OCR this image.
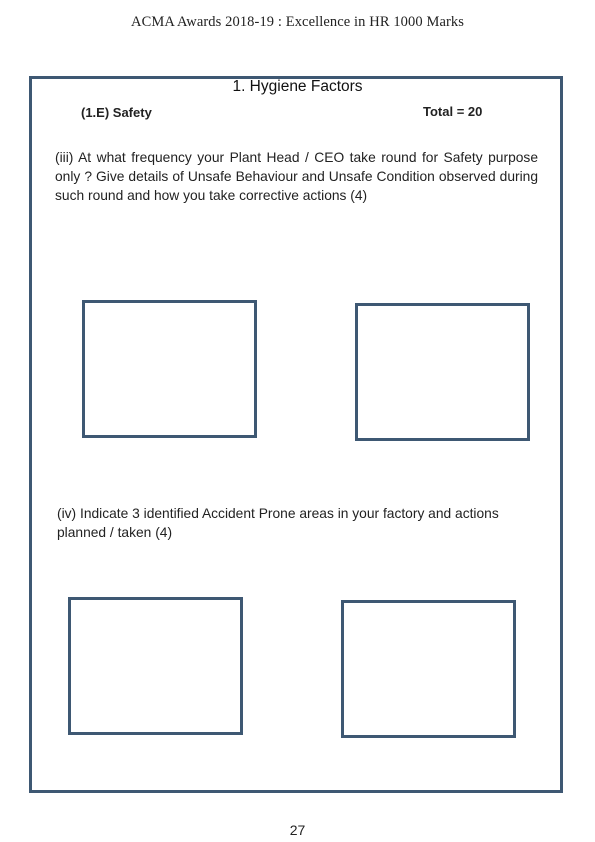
ACMA Awards 2018-19 : Excellence in HR 1000 Marks
1. Hygiene Factors
(1.E) Safety	Total = 20
(iii) At what frequency your Plant Head / CEO take round for Safety purpose only ? Give details of Unsafe Behaviour and Unsafe Condition observed during such round and how you take corrective actions (4)
(iv) Indicate 3 identified Accident Prone areas in your factory and actions planned / taken (4)
27
